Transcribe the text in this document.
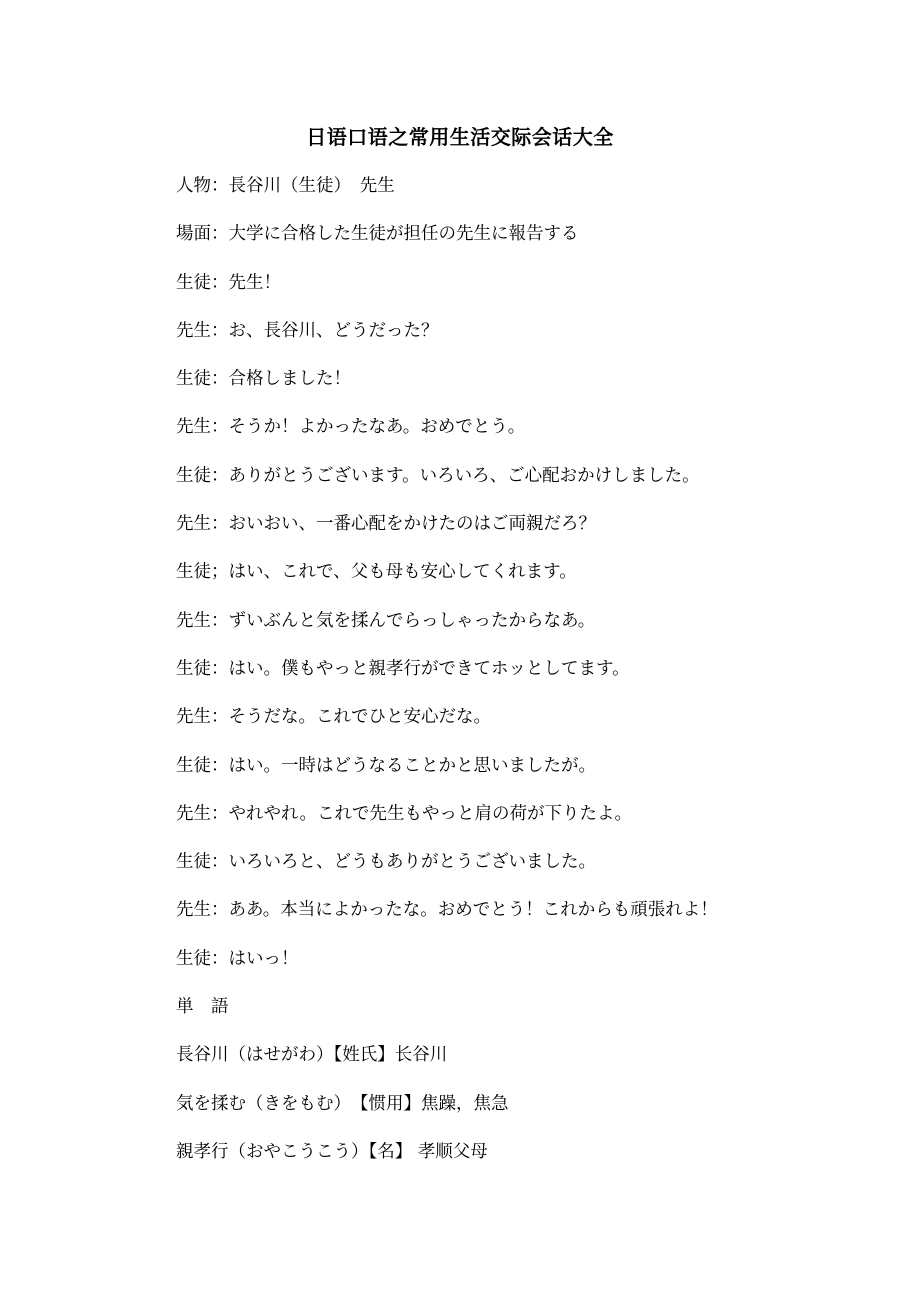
日语口语之常用生活交际会话大全
人物：長谷川（生徒）　先生
場面：大学に合格した生徒が担任の先生に報告する
生徒：先生！
先生：お、長谷川、どうだった？
生徒：合格しました！
先生：そうか！よかったなあ。おめでとう。
生徒：ありがとうございます。いろいろ、ご心配おかけしました。
先生：おいおい、一番心配をかけたのはご両親だろ？
生徒；はい、これで、父も母も安心してくれます。
先生：ずいぶんと気を揉んでらっしゃったからなあ。
生徒：はい。僕もやっと親孝行ができてホッとしてます。
先生：そうだな。これでひと安心だな。
生徒：はい。一時はどうなることかと思いましたが。
先生：やれやれ。これで先生もやっと肩の荷が下りたよ。
生徒：いろいろと、どうもありがとうございました。
先生：ああ。本当によかったな。おめでとう！これからも頑張れよ！
生徒：はいっ！
単　語
長谷川（はせがわ）【姓氏】长谷川
気を揉む（きをもむ）　【惯用】焦躁，焦急
親孝行（おやこうこう）【名】 孝顺父母
